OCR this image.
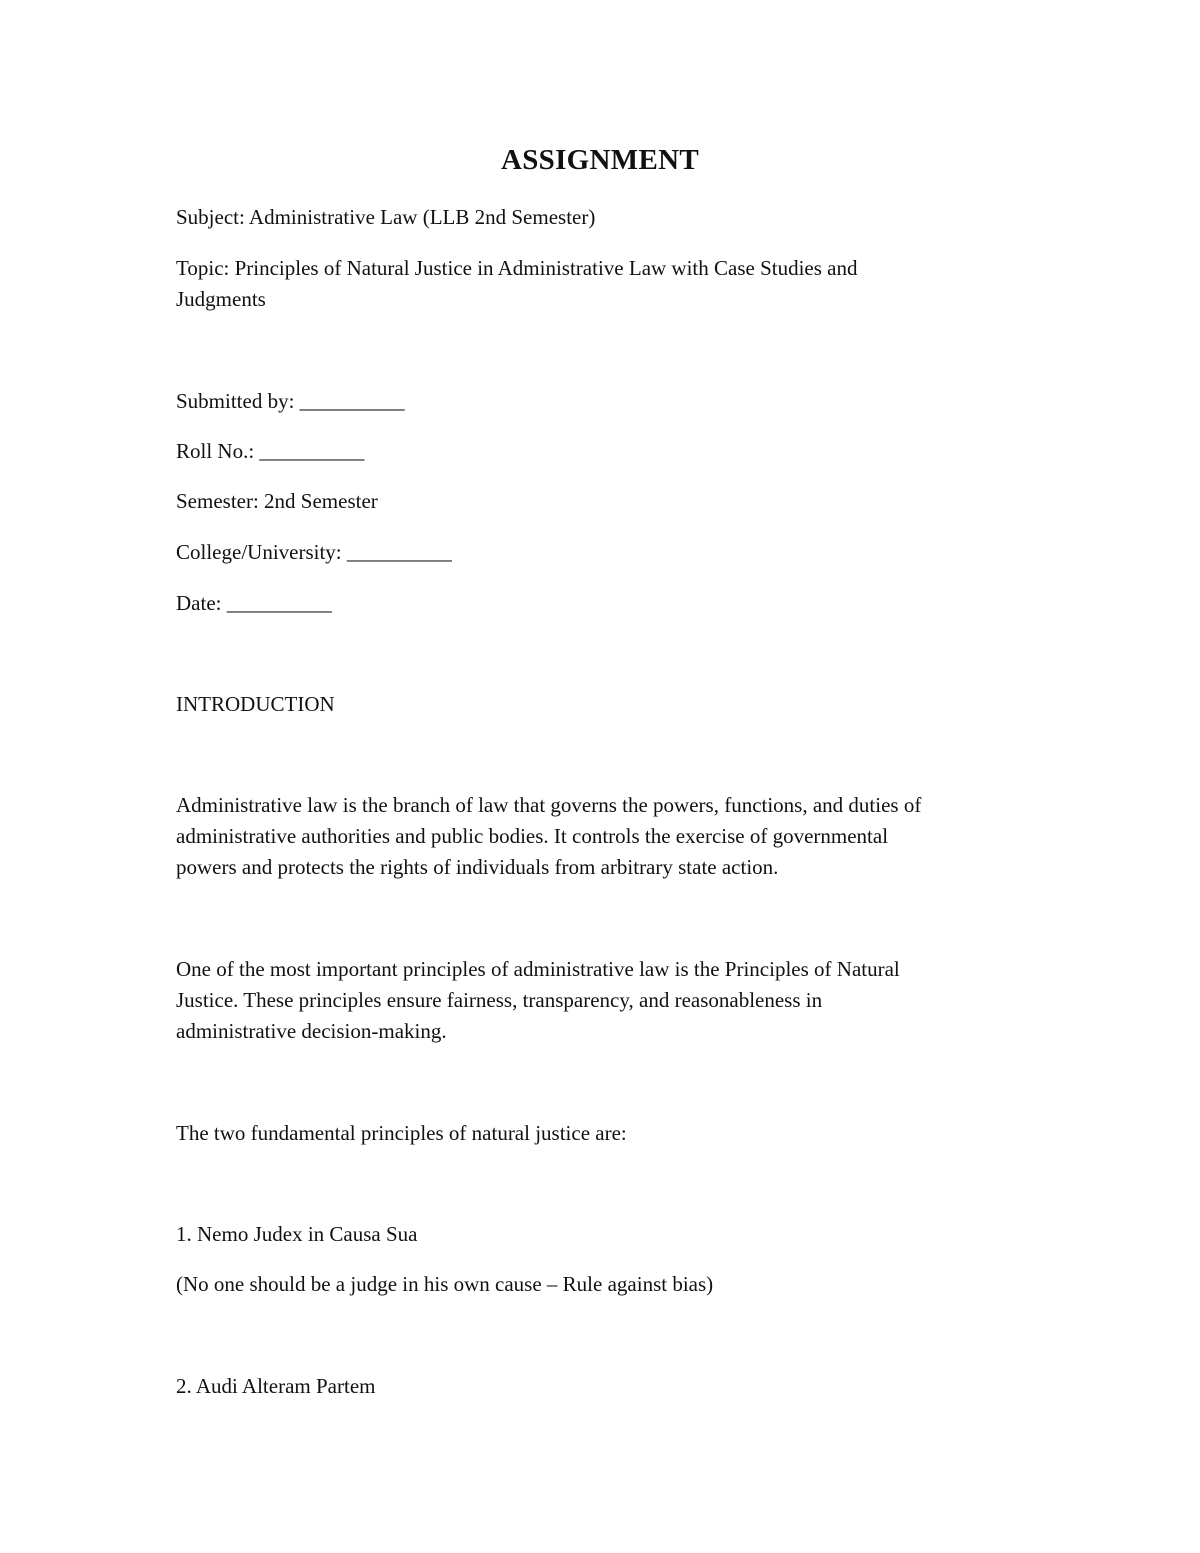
ASSIGNMENT
Subject: Administrative Law (LLB 2nd Semester)
Topic: Principles of Natural Justice in Administrative Law with Case Studies and
Judgments
Submitted by: __________
Roll No.: __________
Semester: 2nd Semester
College/University: __________
Date: __________
INTRODUCTION
Administrative law is the branch of law that governs the powers, functions, and duties of
administrative authorities and public bodies. It controls the exercise of governmental
powers and protects the rights of individuals from arbitrary state action.
One of the most important principles of administrative law is the Principles of Natural
Justice. These principles ensure fairness, transparency, and reasonableness in
administrative decision-making.
The two fundamental principles of natural justice are:
1. Nemo Judex in Causa Sua
(No one should be a judge in his own cause – Rule against bias)
2. Audi Alteram Partem
